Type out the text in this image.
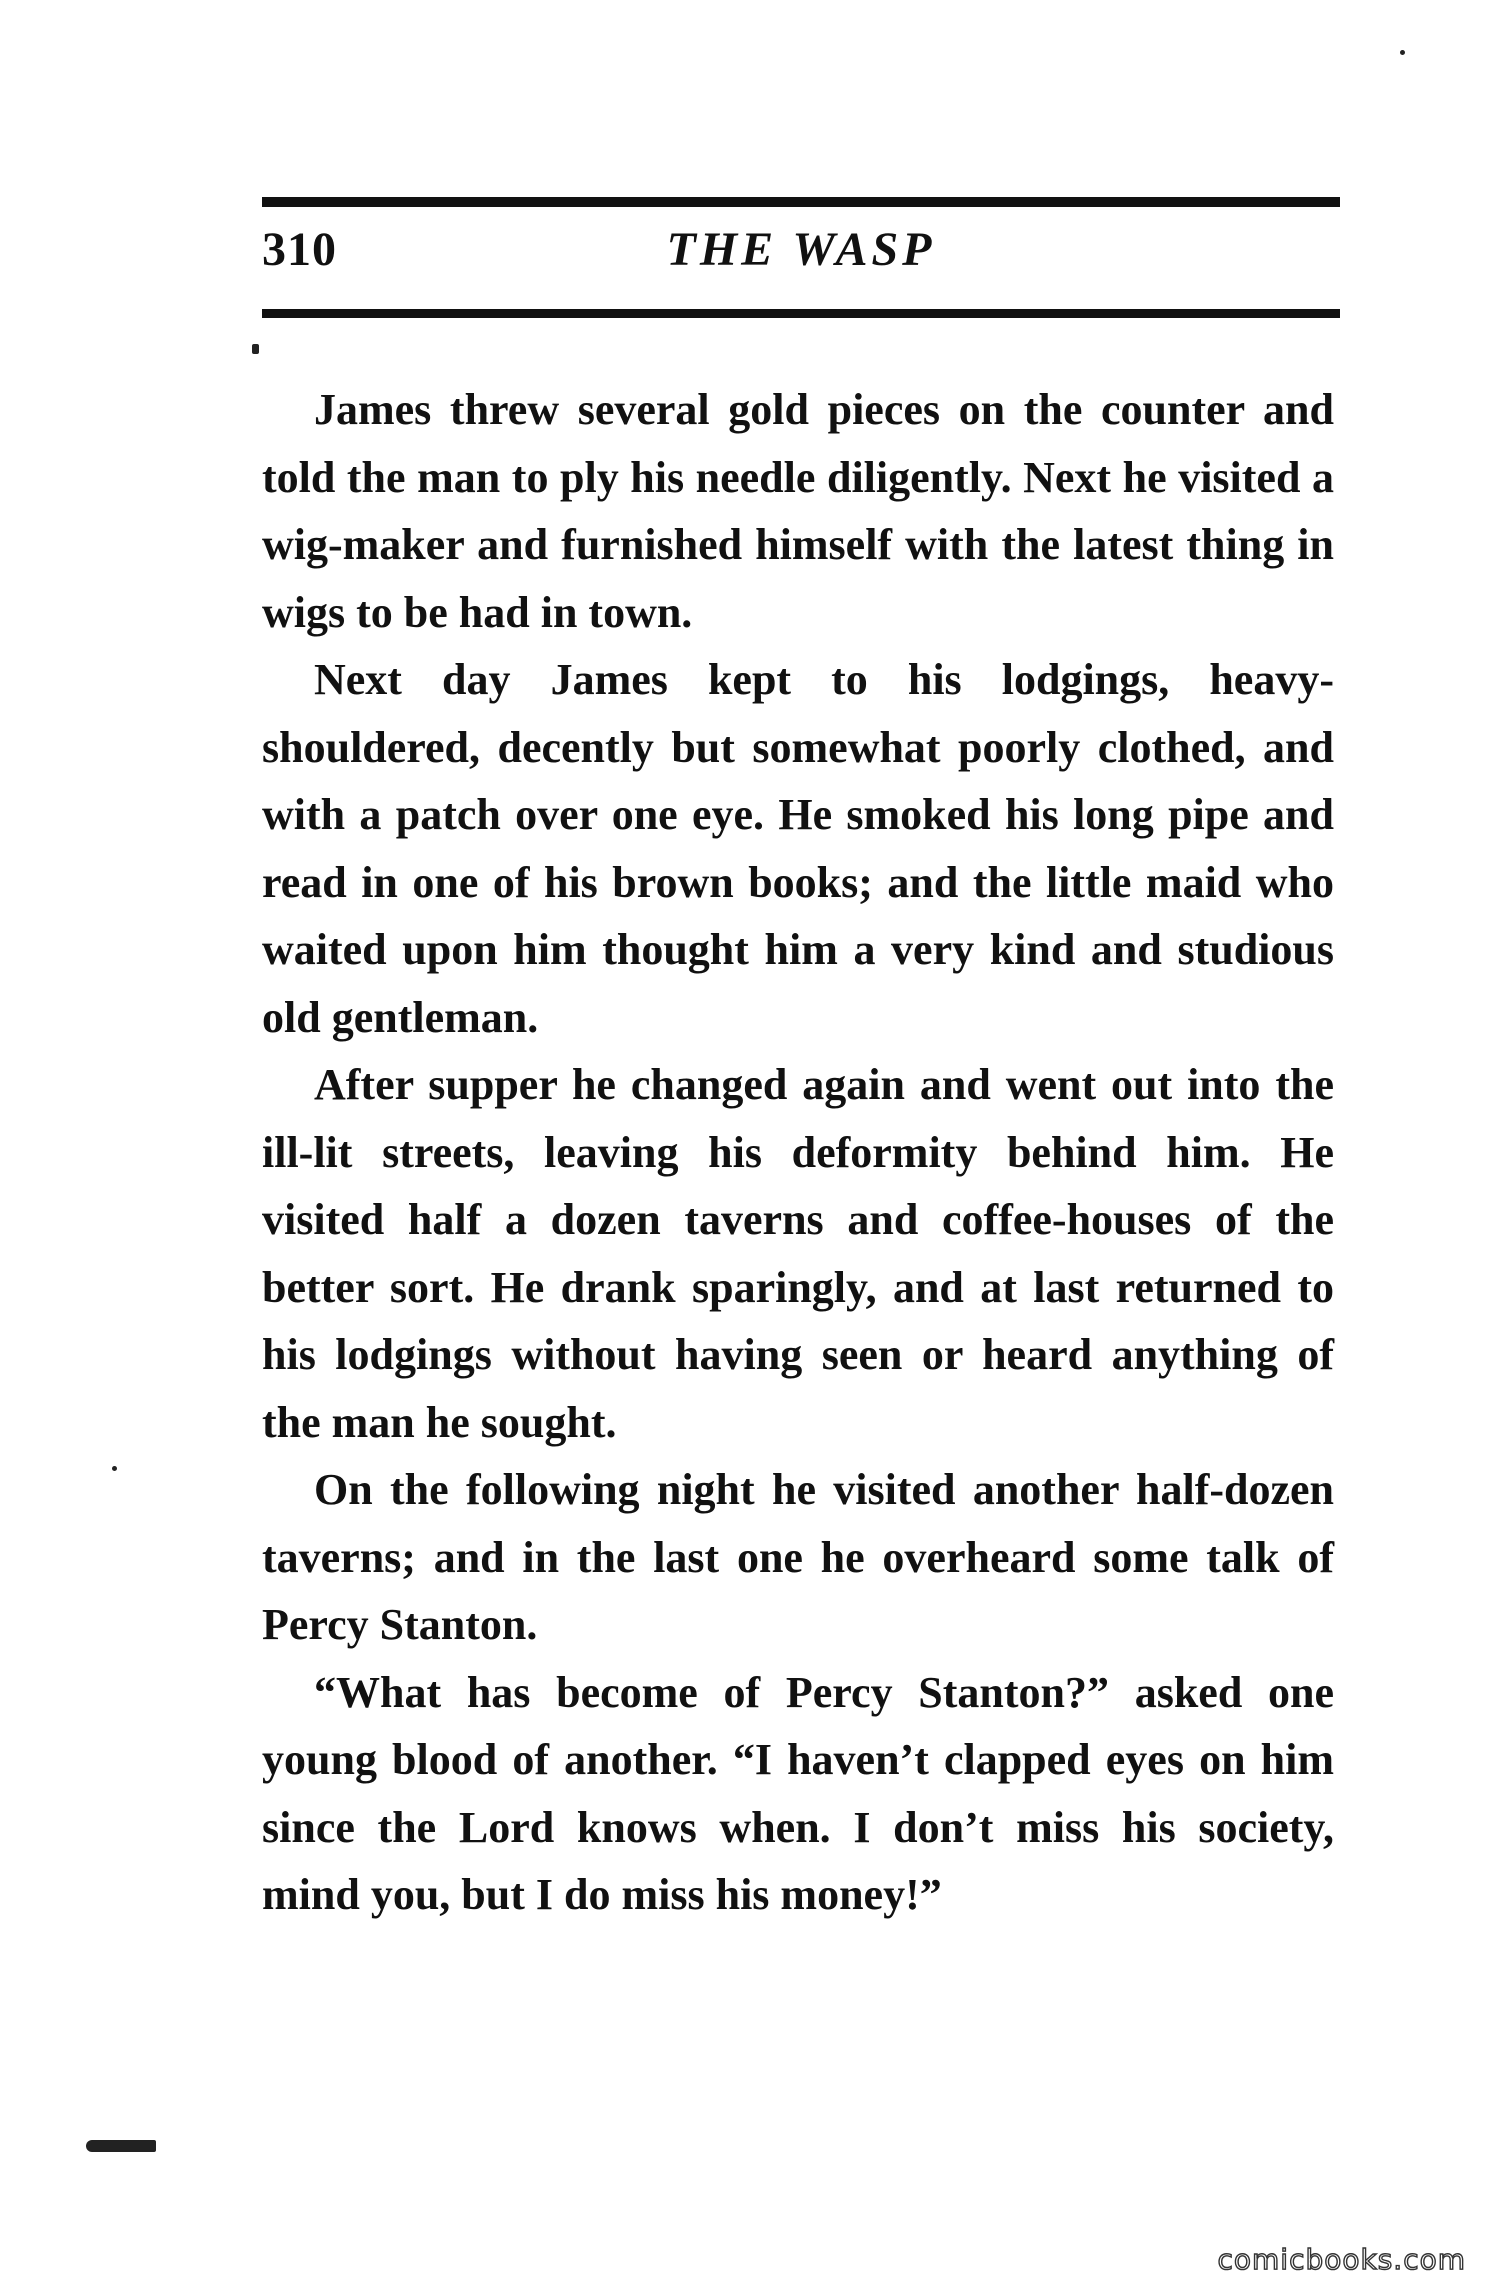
310	THE WASP

James threw several gold pieces on the counter and told the man to ply his needle diligently. Next he visited a wig-maker and furnished himself with the latest thing in wigs to be had in town.

Next day James kept to his lodgings, heavy-shouldered, decently but somewhat poorly clothed, and with a patch over one eye. He smoked his long pipe and read in one of his brown books; and the little maid who waited upon him thought him a very kind and studious old gentleman.

After supper he changed again and went out into the ill-lit streets, leaving his deformity behind him. He visited half a dozen taverns and coffee-houses of the better sort. He drank sparingly, and at last returned to his lodgings without having seen or heard anything of the man he sought.

On the following night he visited another half-dozen taverns; and in the last one he overheard some talk of Percy Stanton.

“What has become of Percy Stanton?” asked one young blood of another. “I haven’t clapped eyes on him since the Lord knows when. I don’t miss his society, mind you, but I do miss his money!”

comicbooks.com
